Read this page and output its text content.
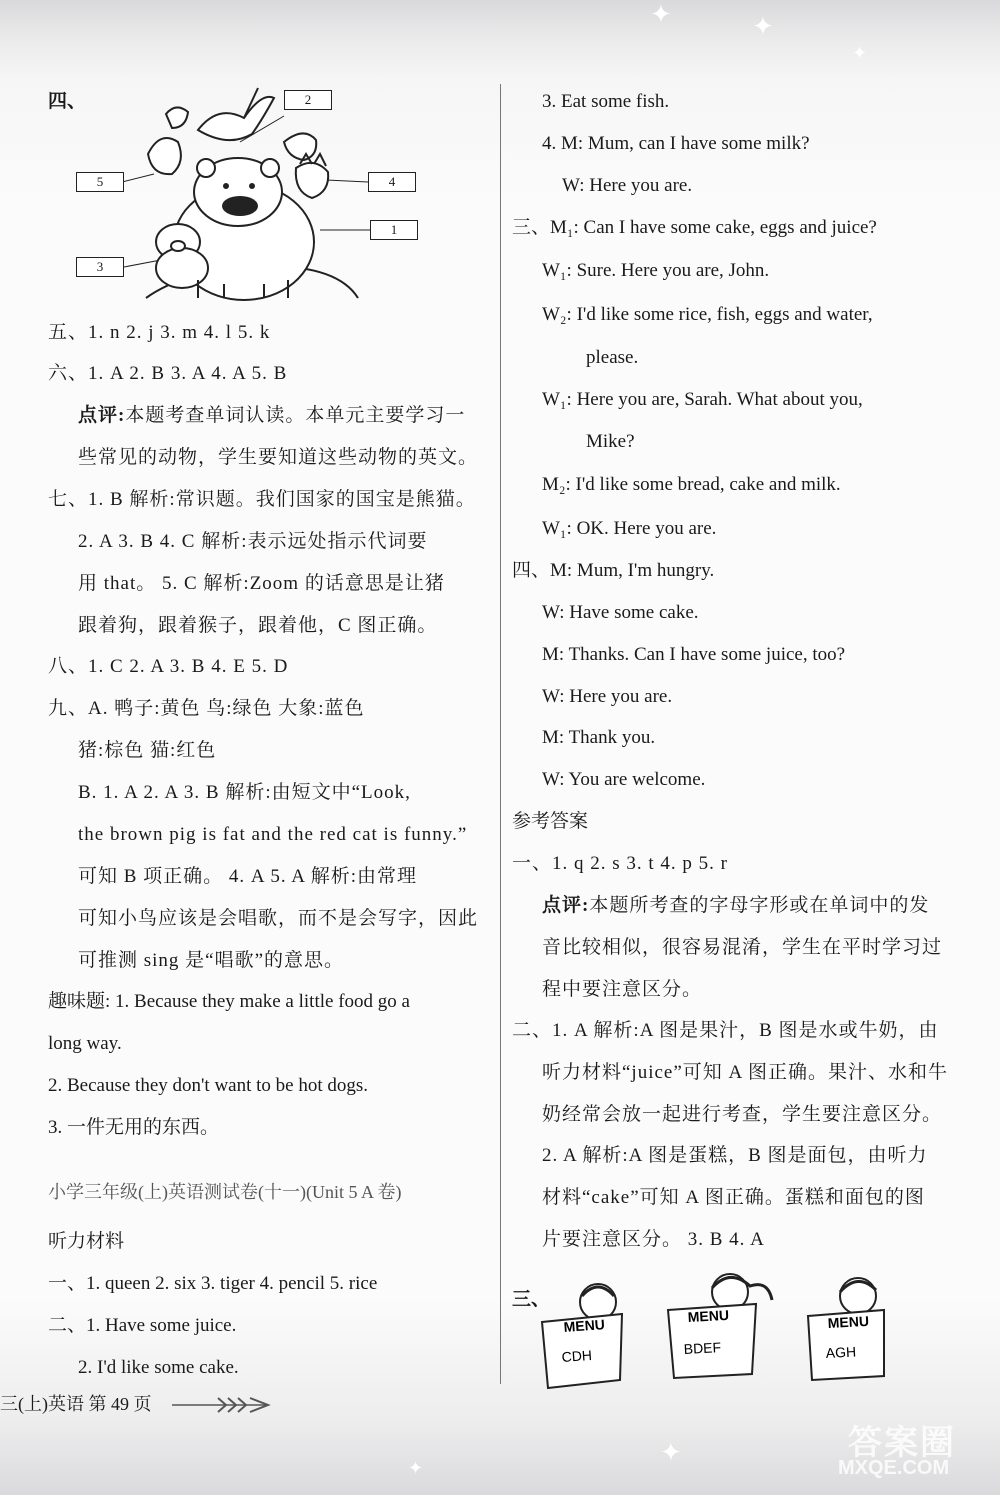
✦	✦
✦
✦
✦
四、	2
5	4
1
3
五、1. n 2. j 3. m 4. l 5. k
六、1. A 2. B 3. A 4. A 5. B
点评:本题考查单词认读。本单元主要学习一
些常见的动物，学生要知道这些动物的英文。
七、1. B 解析:常识题。我们国家的国宝是熊猫。
2. A 3. B 4. C 解析:表示远处指示代词要
用 that。 5. C 解析:Zoom 的话意思是让猪
跟着狗，跟着猴子，跟着他，C 图正确。
八、1. C 2. A 3. B 4. E 5. D
九、A. 鸭子:黄色 鸟:绿色 大象:蓝色
猪:棕色 猫:红色
B. 1. A 2. A 3. B 解析:由短文中“Look,
the brown pig is fat and the red cat is funny.”
可知 B 项正确。 4. A 5. A 解析:由常理
可知小鸟应该是会唱歌，而不是会写字，因此
可推测 sing 是“唱歌”的意思。
趣味题: 1. Because they make a little food go a
long way.
2. Because they don't want to be hot dogs.
3. 一件无用的东西。
小学三年级(上)英语测试卷(十一)(Unit 5 A 卷)
听力材料
一、1. queen 2. six 3. tiger 4. pencil 5. rice
二、1. Have some juice.
2. I'd like some cake.
3. Eat some fish.
4. M: Mum, can I have some milk?
W: Here you are.
三、M₁: Can I have some cake, eggs and juice?
W₁: Sure. Here you are, John.
W₂: I'd like some rice, fish, eggs and water,
please.
W₁: Here you are, Sarah. What about you,
Mike?
M₂: I'd like some bread, cake and milk.
W₁: OK. Here you are.
四、M: Mum, I'm hungry.
W: Have some cake.
M: Thanks. Can I have some juice, too?
W: Here you are.
M: Thank you.
W: You are welcome.
参考答案
一、1. q 2. s 3. t 4. p 5. r
点评:本题所考查的字母字形或在单词中的发
音比较相似，很容易混淆，学生在平时学习过
程中要注意区分。
二、1. A 解析:A 图是果汁，B 图是水或牛奶，由
听力材料“juice”可知 A 图正确。果汁、水和牛
奶经常会放一起进行考查，学生要注意区分。
2. A 解析:A 图是蛋糕，B 图是面包，由听力
材料“cake”可知 A 图正确。蛋糕和面包的图
片要注意区分。 3. B 4. A
三、
MENU
CDH
MENU
BDEF
MENU
AGH
三(上)英语 第 49 页
答案圈
MXQE.COM
